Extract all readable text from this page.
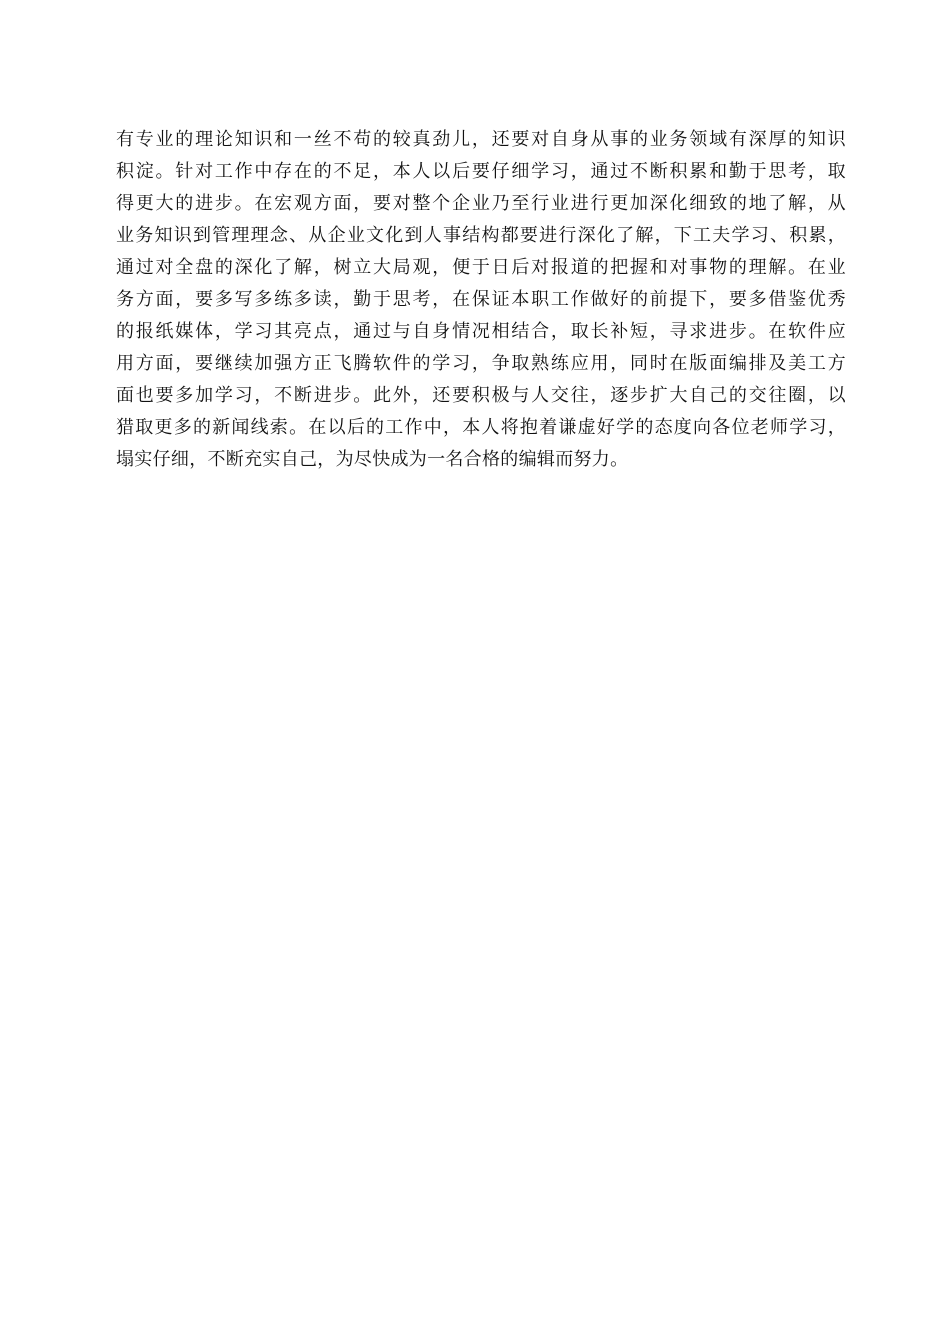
有专业的理论知识和一丝不苟的较真劲儿，还要对自身从事的业务领域有深厚的知识
积淀。针对工作中存在的不足，本人以后要仔细学习，通过不断积累和勤于思考，取
得更大的进步。在宏观方面，要对整个企业乃至行业进行更加深化细致的地了解，从
业务知识到管理理念、从企业文化到人事结构都要进行深化了解，下工夫学习、积累，
通过对全盘的深化了解，树立大局观，便于日后对报道的把握和对事物的理解。在业
务方面，要多写多练多读，勤于思考，在保证本职工作做好的前提下，要多借鉴优秀
的报纸媒体，学习其亮点，通过与自身情况相结合，取长补短，寻求进步。在软件应
用方面，要继续加强方正飞腾软件的学习，争取熟练应用，同时在版面编排及美工方
面也要多加学习，不断进步。此外，还要积极与人交往，逐步扩大自己的交往圈，以
猎取更多的新闻线索。在以后的工作中，本人将抱着谦虚好学的态度向各位老师学习，
塌实仔细，不断充实自己，为尽快成为一名合格的编辑而努力。
